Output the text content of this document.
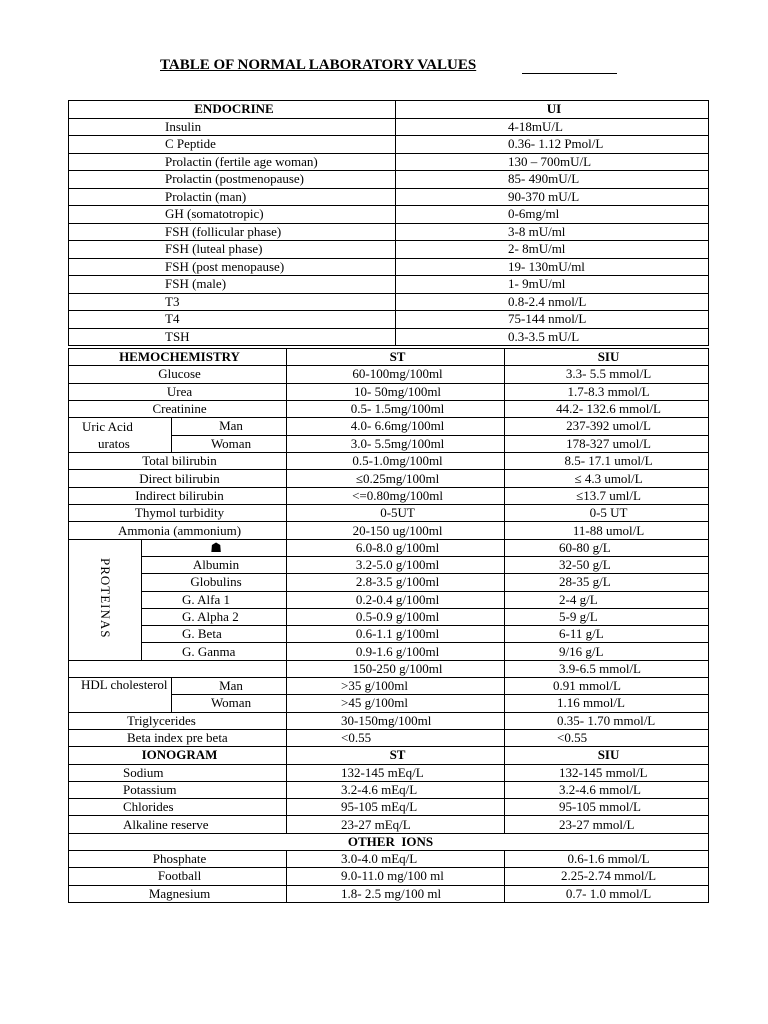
TABLE OF NORMAL LABORATORY VALUES
ENDOCRINE	UI
Insulin	4-18mU/L
C Peptide	0.36- 1.12 Pmol/L
Prolactin (fertile age woman)	130 – 700mU/L
Prolactin (postmenopause)	85- 490mU/L
Prolactin (man)	90-370 mU/L
GH (somatotropic)	0-6mg/ml
FSH (follicular phase)	3-8 mU/ml
FSH (luteal phase)	2- 8mU/ml
FSH (post menopause)	19- 130mU/ml
FSH (male)	1- 9mU/ml
T3	0.8-2.4 nmol/L
T4	75-144 nmol/L
TSH	0.3-3.5 mU/L
HEMOCHEMISTRY			ST	SIU
Glucose			60-100mg/100ml	3.3- 5.5 mmol/L
Urea			10- 50mg/100ml	1.7-8.3 mmol/L
Creatinine			0.5- 1.5mg/100ml	44.2- 132.6 mmol/L
Uric Acid
uratos		Man	4.0- 6.6mg/100ml	237-392 umol/L
		Woman	3.0- 5.5mg/100ml	178-327 umol/L
Total bilirubin			0.5-1.0mg/100ml	8.5- 17.1 umol/L
Direct bilirubin			≤0.25mg/100ml	≤ 4.3 umol/L
Indirect bilirubin			<=0.80mg/100ml	≤13.7 uml/L
Thymol turbidity			0-5UT	0-5 UT
Ammonia (ammonium)			20-150 ug/100ml	11-88 umol/L
PROTEINAS	☗		6.0-8.0 g/100ml	60-80 g/L
	Albumin		3.2-5.0 g/100ml	32-50 g/L
	Globulins		2.8-3.5 g/100ml	28-35 g/L
	G. Alfa 1		0.2-0.4 g/100ml	2-4 g/L
	G. Alpha 2		0.5-0.9 g/100ml	5-9 g/L
	G. Beta		0.6-1.1 g/100ml	6-11 g/L
	G. Ganma		0.9-1.6 g/100ml	9/16 g/L
			150-250 g/100ml	3.9-6.5 mmol/L
HDL cholesterol		Man	>35 g/100ml	0.91 mmol/L
		Woman	>45 g/100ml	1.16 mmol/L
Triglycerides			30-150mg/100ml	0.35- 1.70 mmol/L
Beta index pre beta			<0.55	<0.55
IONOGRAM			ST	SIU
Sodium			132-145 mEq/L	132-145 mmol/L
Potassium			3.2-4.6 mEq/L	3.2-4.6 mmol/L
Chlorides			95-105 mEq/L	95-105 mmol/L
Alkaline reserve			23-27 mEq/L	23-27 mmol/L
OTHER  IONS				
Phosphate			3.0-4.0 mEq/L	0.6-1.6 mmol/L
Football			9.0-11.0 mg/100 ml	2.25-2.74 mmol/L
Magnesium			1.8- 2.5 mg/100 ml	0.7- 1.0 mmol/L
